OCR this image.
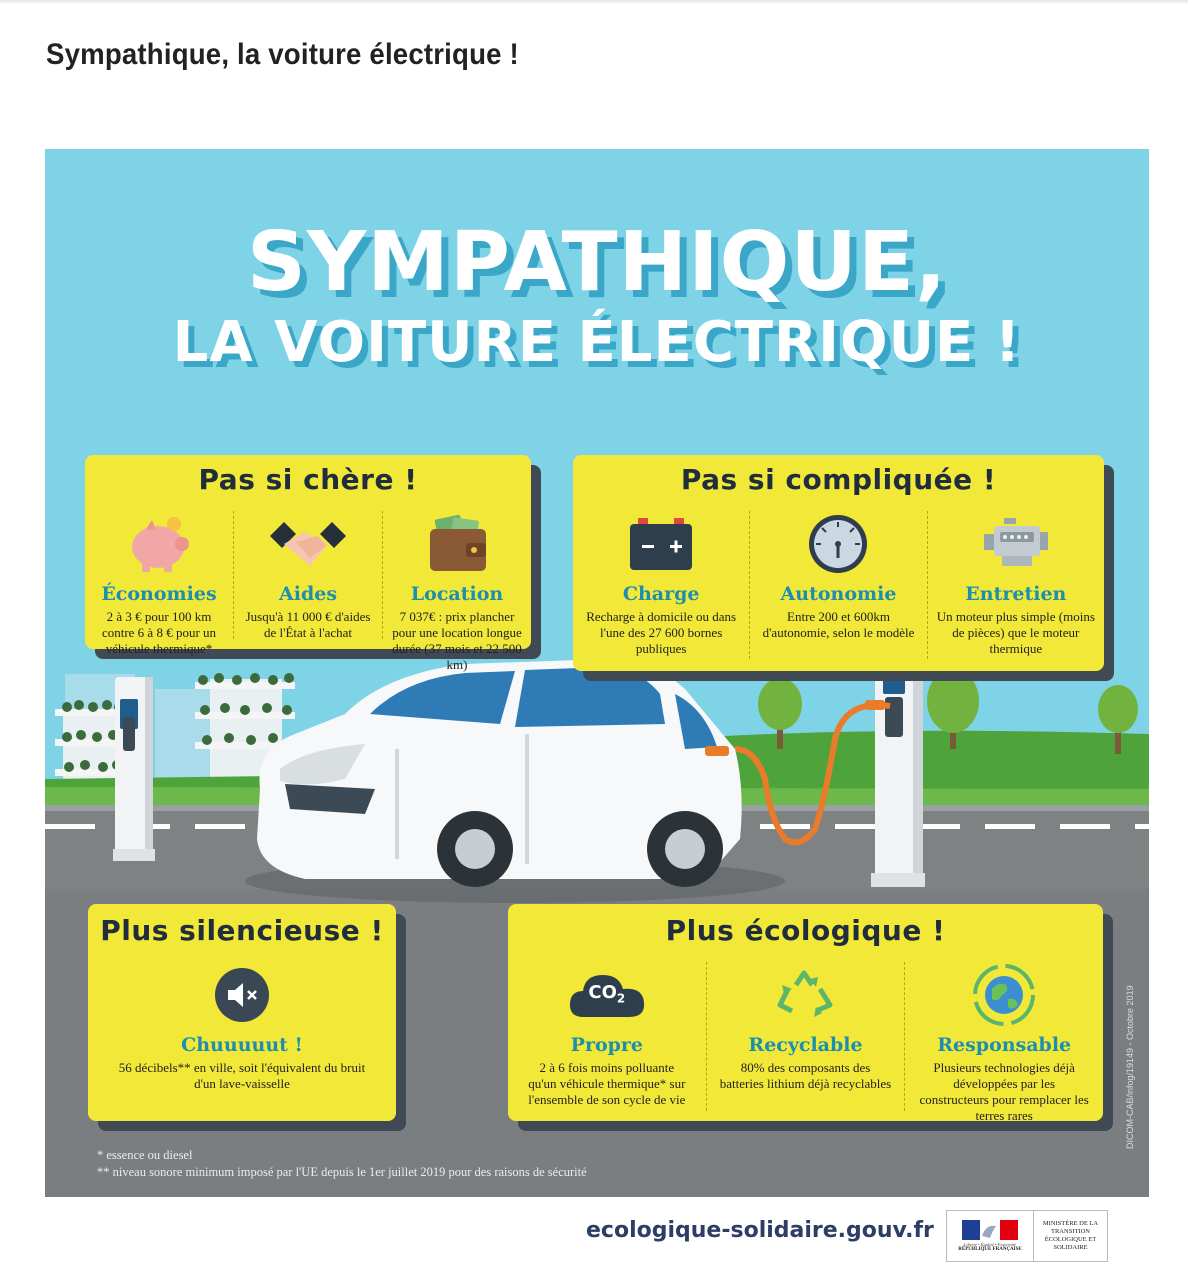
Sympathique, la voiture électrique !
SYMPATHIQUE,
LA VOITURE ÉLECTRIQUE !
Pas si chère !
Économies
2 à 3 € pour 100 km contre 6 à 8 € pour un véhicule thermique*
Aides
Jusqu'à 11 000 € d'aides de l'État à l'achat
Location
7 037€ : prix plancher pour une location longue durée (37 mois et 22 500 km)
Pas si compliquée !
Charge
Recharge à domicile ou dans l'une des 27 600 bornes publiques
Autonomie
Entre 200 et 600km d'autonomie, selon le modèle
Entretien
Un moteur plus simple (moins de pièces) que le moteur thermique
Plus silencieuse !
Chuuuuut !
56 décibels** en ville, soit l'équivalent du bruit d'un lave-vaisselle
Plus écologique !
$CO_2$
Propre
2 à 6 fois moins polluante qu'un véhicule thermique* sur l'ensemble de son cycle de vie
Recyclable
80% des composants des batteries lithium déjà recyclables
Responsable
Plusieurs technologies déjà développées par les constructeurs pour remplacer les terres rares
* essence ou diesel
** niveau sonore minimum imposé par l'UE depuis le 1er juillet 2019 pour des raisons de sécurité
DICOM-CAB/infog/19149 - Octobre 2019
ecologique-solidaire.gouv.fr
Liberté • Égalité • Fraternité
RÉPUBLIQUE FRANÇAISE
MINISTÈRE DE LA TRANSITION ÉCOLOGIQUE ET SOLIDAIRE
